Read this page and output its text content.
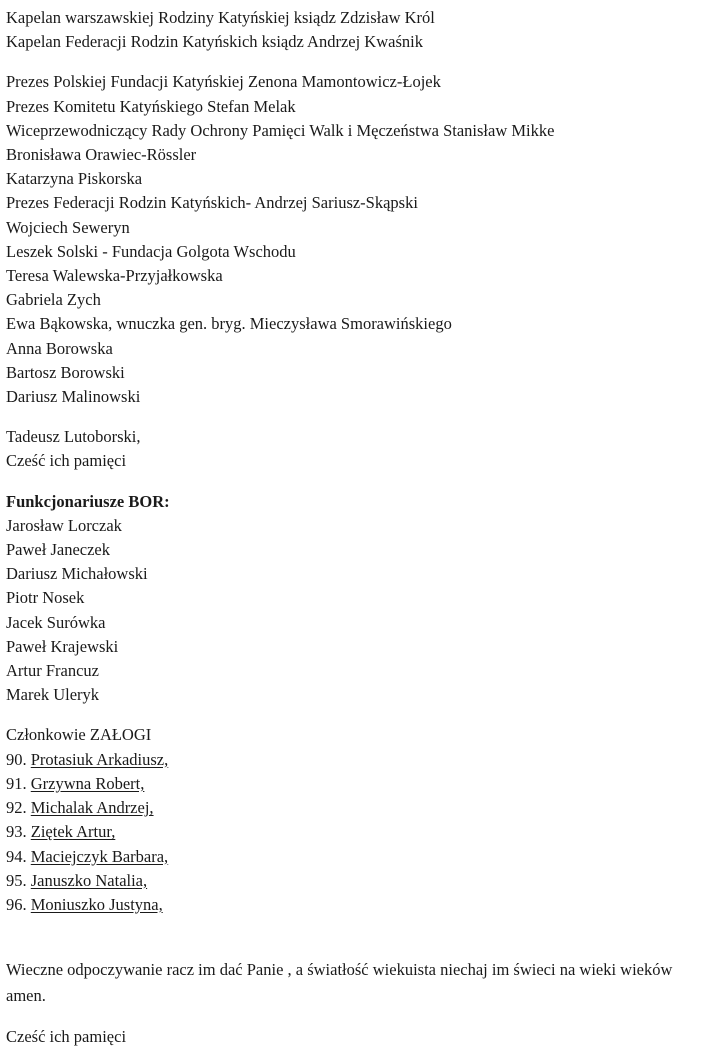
Kapelan warszawskiej Rodziny Katyńskiej ksiądz Zdzisław Król
Kapelan Federacji Rodzin Katyńskich ksiądz Andrzej Kwaśnik
Prezes Polskiej Fundacji Katyńskiej Zenona Mamontowicz-Łojek
Prezes Komitetu Katyńskiego Stefan Melak
Wiceprzewodniczący Rady Ochrony Pamięci Walk i Męczeństwa Stanisław Mikke
Bronisława Orawiec-Rössler
Katarzyna Piskorska
Prezes Federacji Rodzin Katyńskich- Andrzej Sariusz-Skąpski
Wojciech Seweryn
Leszek Solski - Fundacja Golgota Wschodu
Teresa Walewska-Przyjałkowska
Gabriela Zych
Ewa Bąkowska, wnuczka gen. bryg. Mieczysława Smorawińskiego
Anna Borowska
Bartosz Borowski
Dariusz Malinowski
Tadeusz Lutoborski,
Cześć ich pamięci
Funkcjonariusze BOR:
Jarosław Lorczak
Paweł Janeczek
Dariusz Michałowski
Piotr Nosek
Jacek Surówka
Paweł Krajewski
Artur Francuz
Marek Uleryk
Członkowie ZAŁOGI
90. Protasiuk Arkadiusz,
91. Grzywna Robert,
92. Michalak Andrzej,
93. Ziętek Artur,
94. Maciejczyk Barbara,
95. Januszko Natalia,
96. Moniuszko Justyna,
Wieczne odpoczywanie racz im dać Panie , a światłość wiekuista niechaj im świeci na wieki wieków amen.
Cześć ich pamięci
